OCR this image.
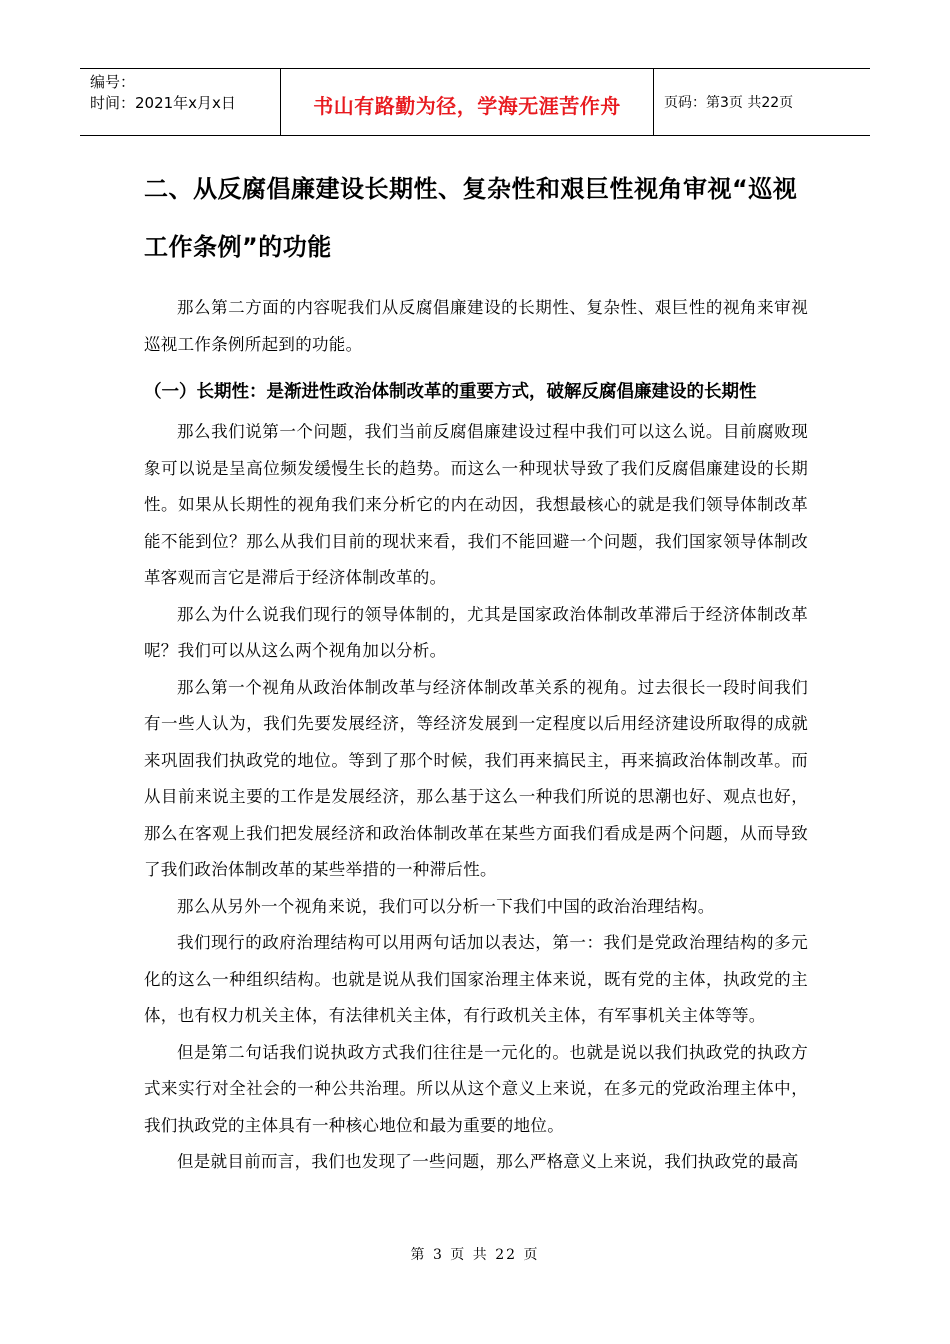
编号：
时间：2021年x月x日	书山有路勤为径，学海无涯苦作舟	页码：第3页 共22页
二、从反腐倡廉建设长期性、复杂性和艰巨性视角审视“巡视
工作条例”的功能

那么第二方面的内容呢我们从反腐倡廉建设的长期性、复杂性、艰巨性的视角来审视巡视工作条例所起到的功能。

（一）长期性：是渐进性政治体制改革的重要方式，破解反腐倡廉建设的长期性

那么我们说第一个问题，我们当前反腐倡廉建设过程中我们可以这么说。目前腐败现象可以说是呈高位频发缓慢生长的趋势。而这么一种现状导致了我们反腐倡廉建设的长期性。如果从长期性的视角我们来分析它的内在动因，我想最核心的就是我们领导体制改革能不能到位？那么从我们目前的现状来看，我们不能回避一个问题，我们国家领导体制改革客观而言它是滞后于经济体制改革的。

那么为什么说我们现行的领导体制的，尤其是国家政治体制改革滞后于经济体制改革呢？我们可以从这么两个视角加以分析。

那么第一个视角从政治体制改革与经济体制改革关系的视角。过去很长一段时间我们有一些人认为，我们先要发展经济，等经济发展到一定程度以后用经济建设所取得的成就来巩固我们执政党的地位。等到了那个时候，我们再来搞民主，再来搞政治体制改革。而从目前来说主要的工作是发展经济，那么基于这么一种我们所说的思潮也好、观点也好，那么在客观上我们把发展经济和政治体制改革在某些方面我们看成是两个问题，从而导致了我们政治体制改革的某些举措的一种滞后性。

那么从另外一个视角来说，我们可以分析一下我们中国的政治治理结构。

我们现行的政府治理结构可以用两句话加以表达，第一：我们是党政治理结构的多元化的这么一种组织结构。也就是说从我们国家治理主体来说，既有党的主体，执政党的主体，也有权力机关主体，有法律机关主体，有行政机关主体，有军事机关主体等等。

但是第二句话我们说执政方式我们往往是一元化的。也就是说以我们执政党的执政方式来实行对全社会的一种公共治理。所以从这个意义上来说，在多元的党政治理主体中，我们执政党的主体具有一种核心地位和最为重要的地位。

但是就目前而言，我们也发现了一些问题，那么严格意义上来说，我们执政党的最高

第 3 页 共 22 页
